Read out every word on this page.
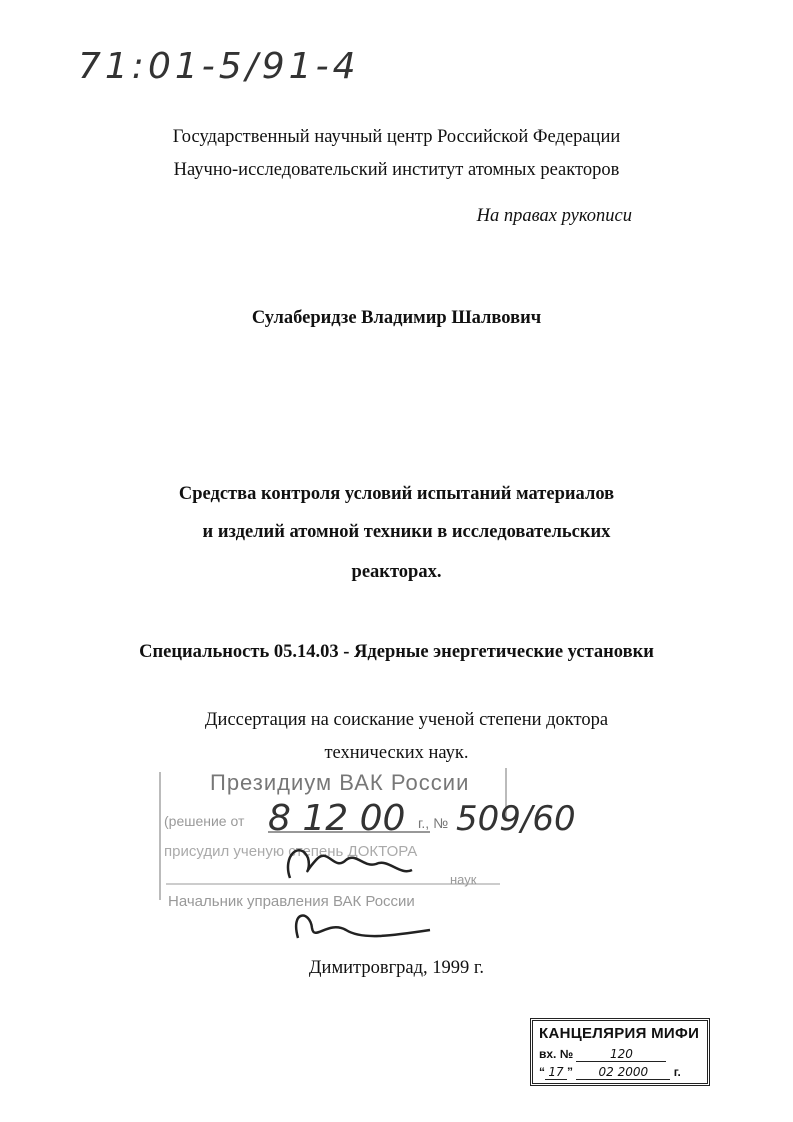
71:01-5/91-4
Государственный научный центр Российской Федерации
Научно-исследовательский институт атомных реакторов
На правах рукописи
Сулаберидзе Владимир Шалвович
Средства контроля условий испытаний материалов
и изделий атомной техники в исследовательских
реакторах.
Специальность 05.14.03 - Ядерные энергетические установки
Диссертация на соискание ученой степени доктора
технических наук.
Президиум ВАК России
(решение от 8 12 00 г., № 509/60
присудил ученую степень ДОКТОРА
наук
Начальник управления ВАК России
Димитровград, 1999 г.
КАНЦЕЛЯРИЯ МИФИ
вх. №	120
“ 17 ” 02 2000 г.
